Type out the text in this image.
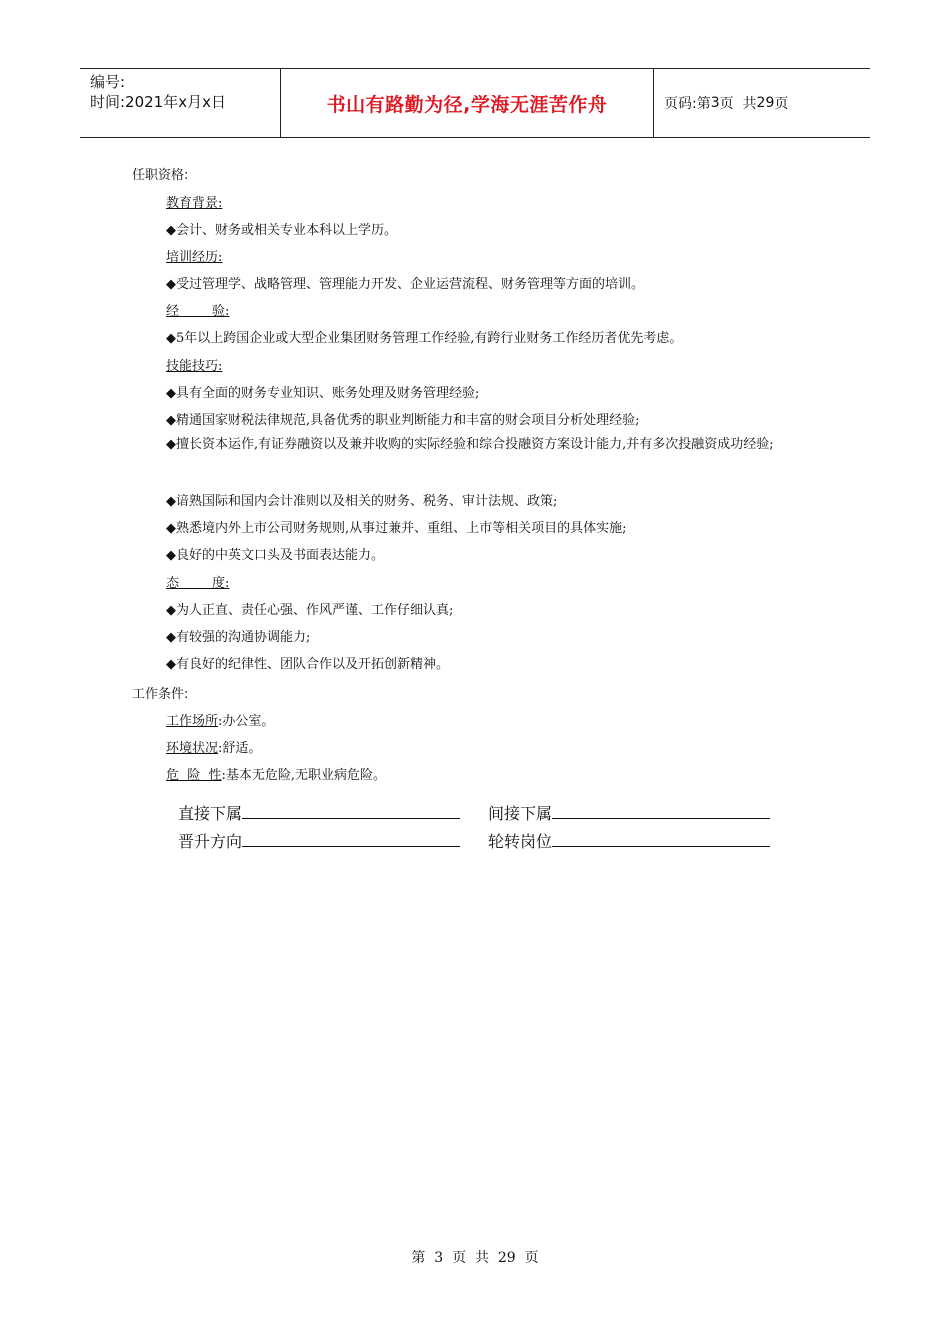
编号:
时间:2021年x月x日	书山有路勤为径,学海无涯苦作舟	页码:第 3 页  共 29 页
任职资格:
教育背景:
◆会计、财务或相关专业本科以上学历。
培训经历:
◆受过管理学、战略管理、管理能力开发、企业运营流程、财务管理等方面的培训。
经        验:
◆5年以上跨国企业或大型企业集团财务管理工作经验,有跨行业财务工作经历者优先考虑。
技能技巧:
◆具有全面的财务专业知识、账务处理及财务管理经验;
◆精通国家财税法律规范,具备优秀的职业判断能力和丰富的财会项目分析处理经验;
◆擅长资本运作,有证券融资以及兼并收购的实际经验和综合投融资方案设计能力,并有多次投融资成功经验;
◆谙熟国际和国内会计准则以及相关的财务、税务、审计法规、政策;
◆熟悉境内外上市公司财务规则,从事过兼并、重组、上市等相关项目的具体实施;
◆良好的中英文口头及书面表达能力。
态        度:
◆为人正直、责任心强、作风严谨、工作仔细认真;
◆有较强的沟通协调能力;
◆有良好的纪律性、团队合作以及开拓创新精神。
工作条件:
工作场所:办公室。
环境状况:舒适。
危  险  性:基本无危险,无职业病危险。
直接下属	间接下属
晋升方向	轮转岗位
第  3  页  共  29  页
